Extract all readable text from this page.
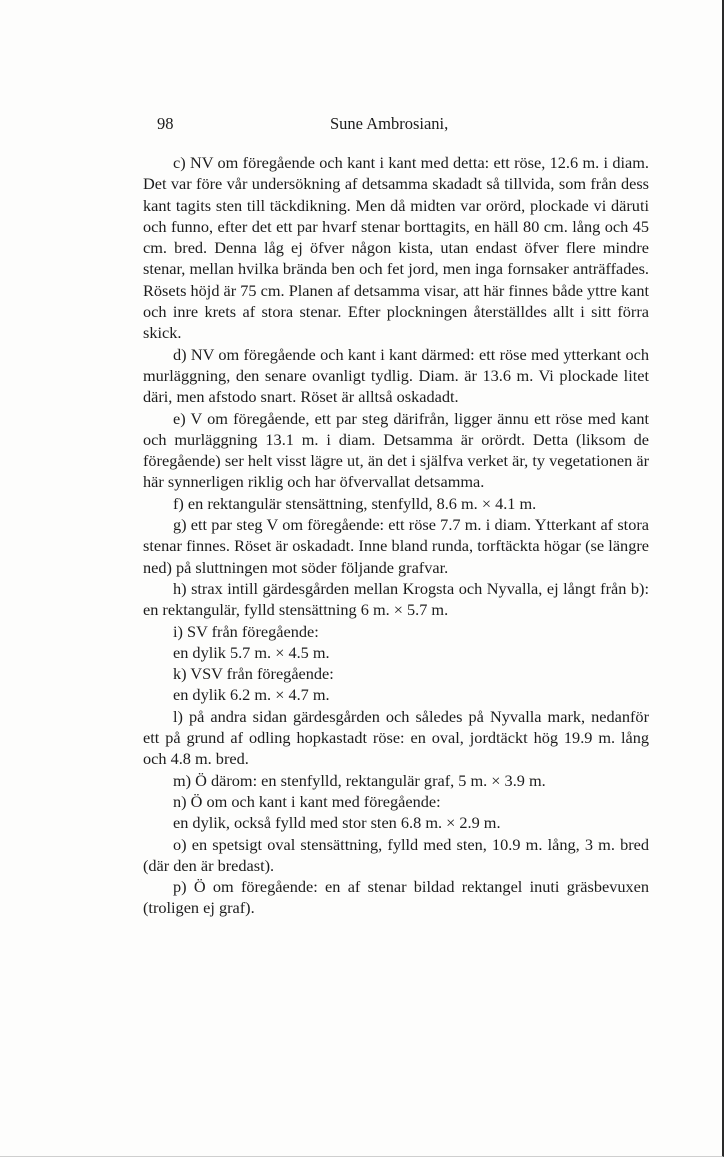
98	Sune Ambrosiani,

c) NV om föregående och kant i kant med detta: ett röse, 12.6 m. i diam. Det var före vår undersökning af detsamma skadadt så tillvida, som från dess kant tagits sten till täckdikning. Men då midten var orörd, plockade vi däruti och funno, efter det ett par hvarf stenar borttagits, en häll 80 cm. lång och 45 cm. bred. Denna låg ej öfver någon kista, utan endast öfver flere mindre stenar, mellan hvilka brända ben och fet jord, men inga fornsaker anträffades. Rösets höjd är 75 cm. Planen af detsamma visar, att här finnes både yttre kant och inre krets af stora stenar. Efter plockningen återställdes allt i sitt förra skick.

d) NV om föregående och kant i kant därmed: ett röse med ytterkant och murläggning, den senare ovanligt tydlig. Diam. är 13.6 m. Vi plockade litet däri, men afstodo snart. Röset är alltså oskadadt.

e) V om föregående, ett par steg därifrån, ligger ännu ett röse med kant och murläggning 13.1 m. i diam. Detsamma är orördt. Detta (liksom de föregående) ser helt visst lägre ut, än det i själfva verket är, ty vegetationen är här synnerligen riklig och har öfvervallat detsamma.

f) en rektangulär stensättning, stenfylld, 8.6 m. × 4.1 m.

g) ett par steg V om föregående: ett röse 7.7 m. i diam. Ytterkant af stora stenar finnes. Röset är oskadadt. Inne bland runda, torftäckta högar (se längre ned) på sluttningen mot söder följande grafvar.

h) strax intill gärdesgården mellan Krogsta och Nyvalla, ej långt från b): en rektangulär, fylld stensättning 6 m. × 5.7 m.

i) SV från föregående:

en dylik 5.7 m. × 4.5 m.

k) VSV från föregående:

en dylik 6.2 m. × 4.7 m.

l) på andra sidan gärdesgården och således på Nyvalla mark, nedanför ett på grund af odling hopkastadt röse: en oval, jordtäckt hög 19.9 m. lång och 4.8 m. bred.

m) Ö därom: en stenfylld, rektangulär graf, 5 m. × 3.9 m.

n) Ö om och kant i kant med föregående:

en dylik, också fylld med stor sten 6.8 m. × 2.9 m.

o) en spetsigt oval stensättning, fylld med sten, 10.9 m. lång, 3 m. bred (där den är bredast).

p) Ö om föregående: en af stenar bildad rektangel inuti gräsbevuxen (troligen ej graf).
